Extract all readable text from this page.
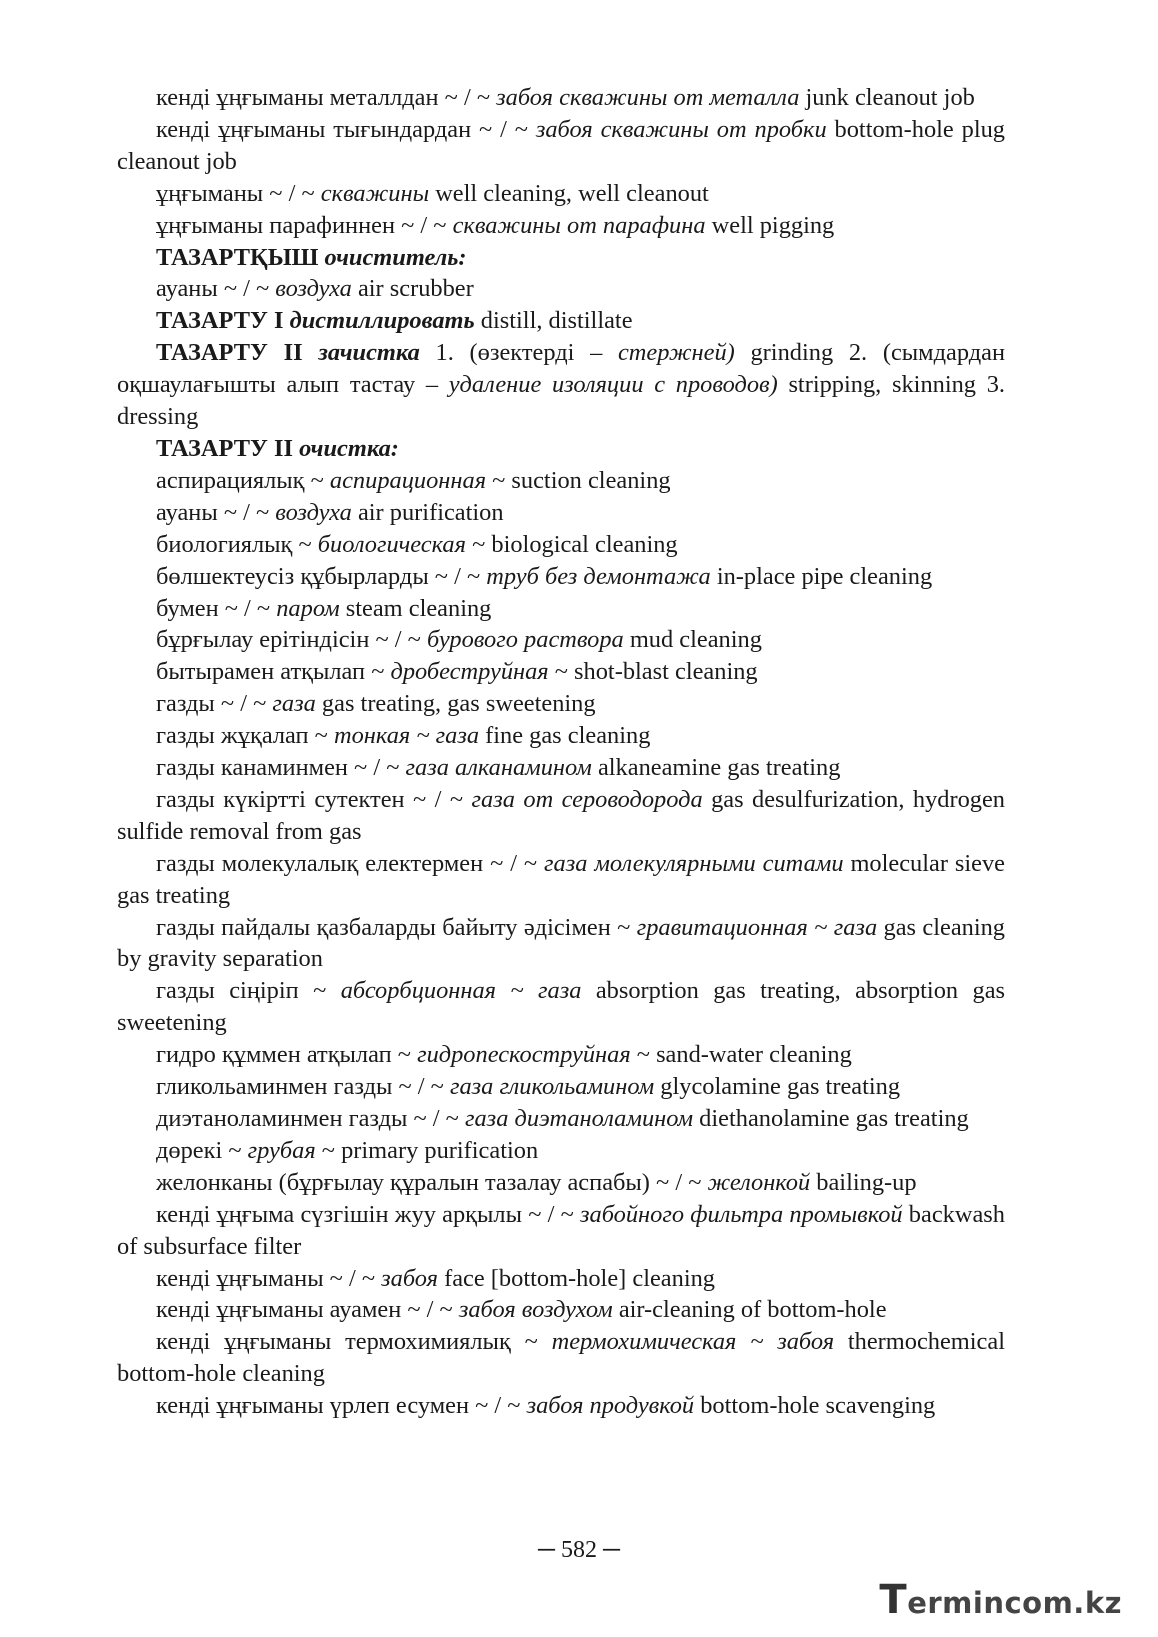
кенді ұңғыманы металлдан ~ / ~ забоя скважины от металла junk cleanout job

кенді ұңғыманы тығындардан ~ / ~ забоя скважины от пробки bottom-hole plug cleanout job

ұңғыманы ~ / ~ скважины well cleaning, well cleanout

ұңғыманы парафиннен ~ / ~ скважины от парафина well pigging

ТАЗАРТҚЫШ очиститель:

ауаны ~ / ~ воздуха air scrubber

ТАЗАРТУ I дистиллировать distill, distillate

ТАЗАРТУ II зачистка 1. (өзектерді – стержней) grinding 2. (сымдардан оқшаулағышты алып тастау – удаление изоляции с проводов) stripping, skinning 3. dressing

ТАЗАРТУ II очистка:

аспирациялық ~ аспирационная ~ suction cleaning

ауаны ~ / ~ воздуха air purification

биологиялық ~ биологическая ~ biological cleaning

бөлшектеусіз құбырларды ~ / ~ труб без демонтажа in-place pipe cleaning

бумен ~ / ~ паром steam cleaning

бұрғылау ерітіндісін ~ / ~ бурового раствора mud cleaning

бытырамен атқылап ~ дробеструйная ~ shot-blast cleaning

газды ~ / ~ газа gas treating, gas sweetening

газды жұқалап ~ тонкая ~ газа fine gas cleaning

газды канаминмен ~ / ~ газа алканамином alkaneamine gas treating

газды күкіртті сутектен ~ / ~ газа от сероводорода gas desulfurization, hydrogen sulfide removal from gas

газды молекулалық електермен ~ / ~ газа молекулярными ситами molecular sieve gas treating

газды пайдалы қазбаларды байыту әдісімен ~ гравитационная ~ газа gas cleaning by gravity separation

газды сіңіріп ~ абсорбционная ~ газа absorption gas treating, absorption gas sweetening

гидро құммен атқылап ~ гидропескоструйная ~ sand-water cleaning

гликольаминмен газды ~ / ~ газа гликольамином glycolamine gas treating

диэтаноламинмен газды ~ / ~ газа диэтаноламином diethanolamine gas treating

дөрекі ~ грубая ~ primary purification

желонканы (бұрғылау құралын тазалау аспабы) ~ / ~ желонкой bailing-up

кенді ұңғыма сүзгішін жуу арқылы ~ / ~ забойного фильтра промывкой backwash of subsurface filter

кенді ұңғыманы ~ / ~ забоя face [bottom-hole] cleaning

кенді ұңғыманы ауамен ~ / ~ забоя воздухом air-cleaning of bottom-hole

кенді ұңғыманы термохимиялық ~ термохимическая ~ забоя thermochemical bottom-hole cleaning

кенді ұңғыманы үрлеп есумен ~ / ~ забоя продувкой bottom-hole scavenging

─ 582 ─
Termincom.kz
